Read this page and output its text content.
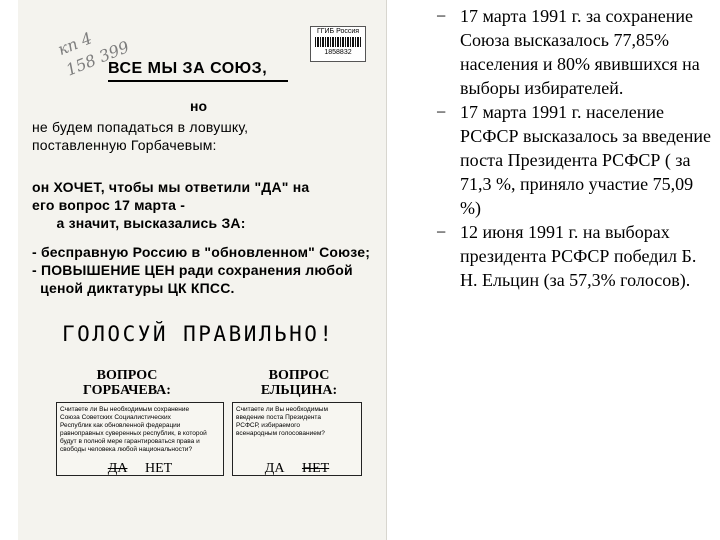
кп 4
158 399
ГГИБ Россия
1858832
ВСЕ МЫ ЗА СОЮЗ,
но
не будем попадаться в ловушку,
поставленную Горбачевым:
он ХОЧЕТ, чтобы мы ответили "ДА" на
его вопрос 17 марта -
а значит, высказались ЗА:
- бесправную Россию в "обновленном" Союзе;
- ПОВЫШЕНИЕ ЦЕН ради сохранения любой
ценой диктатуры ЦК КПСС.
ГОЛОСУЙ ПРАВИЛЬНО!
ВОПРОС
ГОРБАЧЕВА:
ВОПРОС
ЕЛЬЦИНА:
Считаете ли Вы необходимым сохранение
Союза Советских Социалистических
Республик как обновленной федерации
равноправных суверенных республик, в которой
будут в полной мере гарантироваться права и
свободы человека любой национальности?
ДА НЕТ
Считаете ли Вы необходимым
введение поста Президента
РСФСР, избираемого
всенародным голосованием?
ДА НЕТ
− 17 марта 1991 г. за сохранение Союза высказалось 77,85% населения и 80% явившихся на выборы избирателей.
− 17 марта 1991 г. население РСФСР высказалось за введение поста Президента РСФСР ( за 71,3 %, приняло участие 75,09 %)
− 12 июня 1991 г. на выборах президента РСФСР победил Б. Н. Ельцин (за 57,3% голосов).
